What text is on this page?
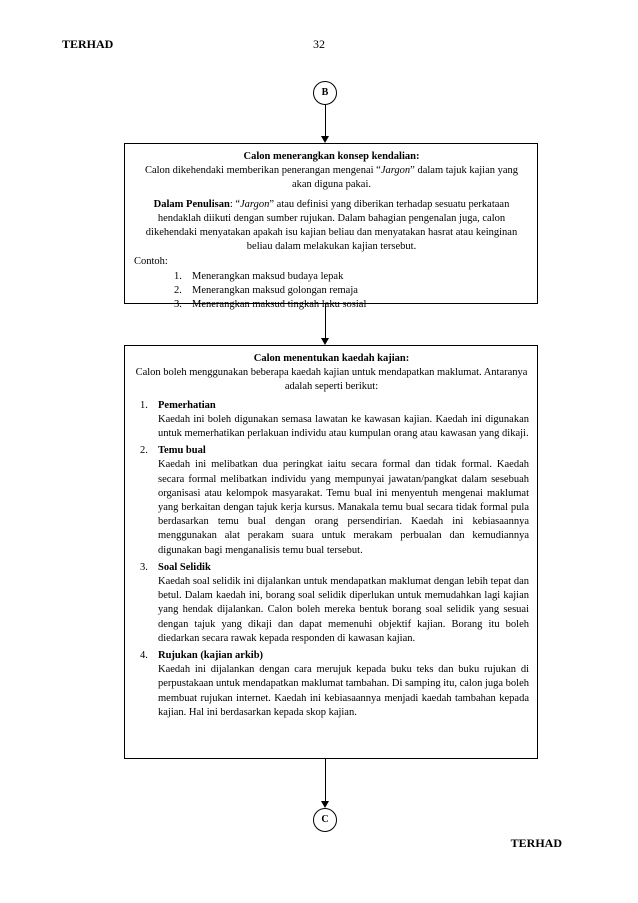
TERHAD	32
B
Calon menerangkan konsep kendalian:
Calon dikehendaki memberikan penerangan mengenai “Jargon” dalam tajuk kajian yang akan diguna pakai.
Dalam Penulisan: “Jargon” atau definisi yang diberikan terhadap sesuatu perkataan hendaklah diikuti dengan sumber rujukan. Dalam bahagian pengenalan juga, calon dikehendaki menyatakan apakah isu kajian beliau dan menyatakan hasrat atau keinginan beliau dalam melakukan kajian tersebut.
Contoh:
1. Menerangkan maksud budaya lepak
2. Menerangkan maksud golongan remaja
3. Menerangkan maksud tingkah laku sosial
Calon menentukan kaedah kajian:
Calon boleh menggunakan beberapa kaedah kajian untuk mendapatkan maklumat. Antaranya adalah seperti berikut:
1. Pemerhatian
Kaedah ini boleh digunakan semasa lawatan ke kawasan kajian. Kaedah ini digunakan untuk memerhatikan perlakuan individu atau kumpulan orang atau kawasan yang dikaji.
2. Temu bual
Kaedah ini melibatkan dua peringkat iaitu secara formal dan tidak formal. Kaedah secara formal melibatkan individu yang mempunyai jawatan/pangkat dalam sesebuah organisasi atau kelompok masyarakat. Temu bual ini menyentuh mengenai maklumat yang berkaitan dengan tajuk kerja kursus. Manakala temu bual secara tidak formal pula berdasarkan temu bual dengan orang persendirian. Kaedah ini kebiasaannya menggunakan alat perakam suara untuk merakam perbualan dan kemudiannya digunakan bagi menganalisis temu bual tersebut.
3. Soal Selidik
Kaedah soal selidik ini dijalankan untuk mendapatkan maklumat dengan lebih tepat dan betul. Dalam kaedah ini, borang soal selidik diperlukan untuk memudahkan lagi kajian yang hendak dijalankan. Calon boleh mereka bentuk borang soal selidik yang sesuai dengan tajuk yang dikaji dan dapat memenuhi objektif kajian. Borang itu boleh diedarkan secara rawak kepada responden di kawasan kajian.
4. Rujukan (kajian arkib)
Kaedah ini dijalankan dengan cara merujuk kepada buku teks dan buku rujukan di perpustakaan untuk mendapatkan maklumat tambahan. Di samping itu, calon juga boleh membuat rujukan internet. Kaedah ini kebiasaannya menjadi kaedah tambahan kepada kajian. Hal ini berdasarkan kepada skop kajian.
C
TERHAD
